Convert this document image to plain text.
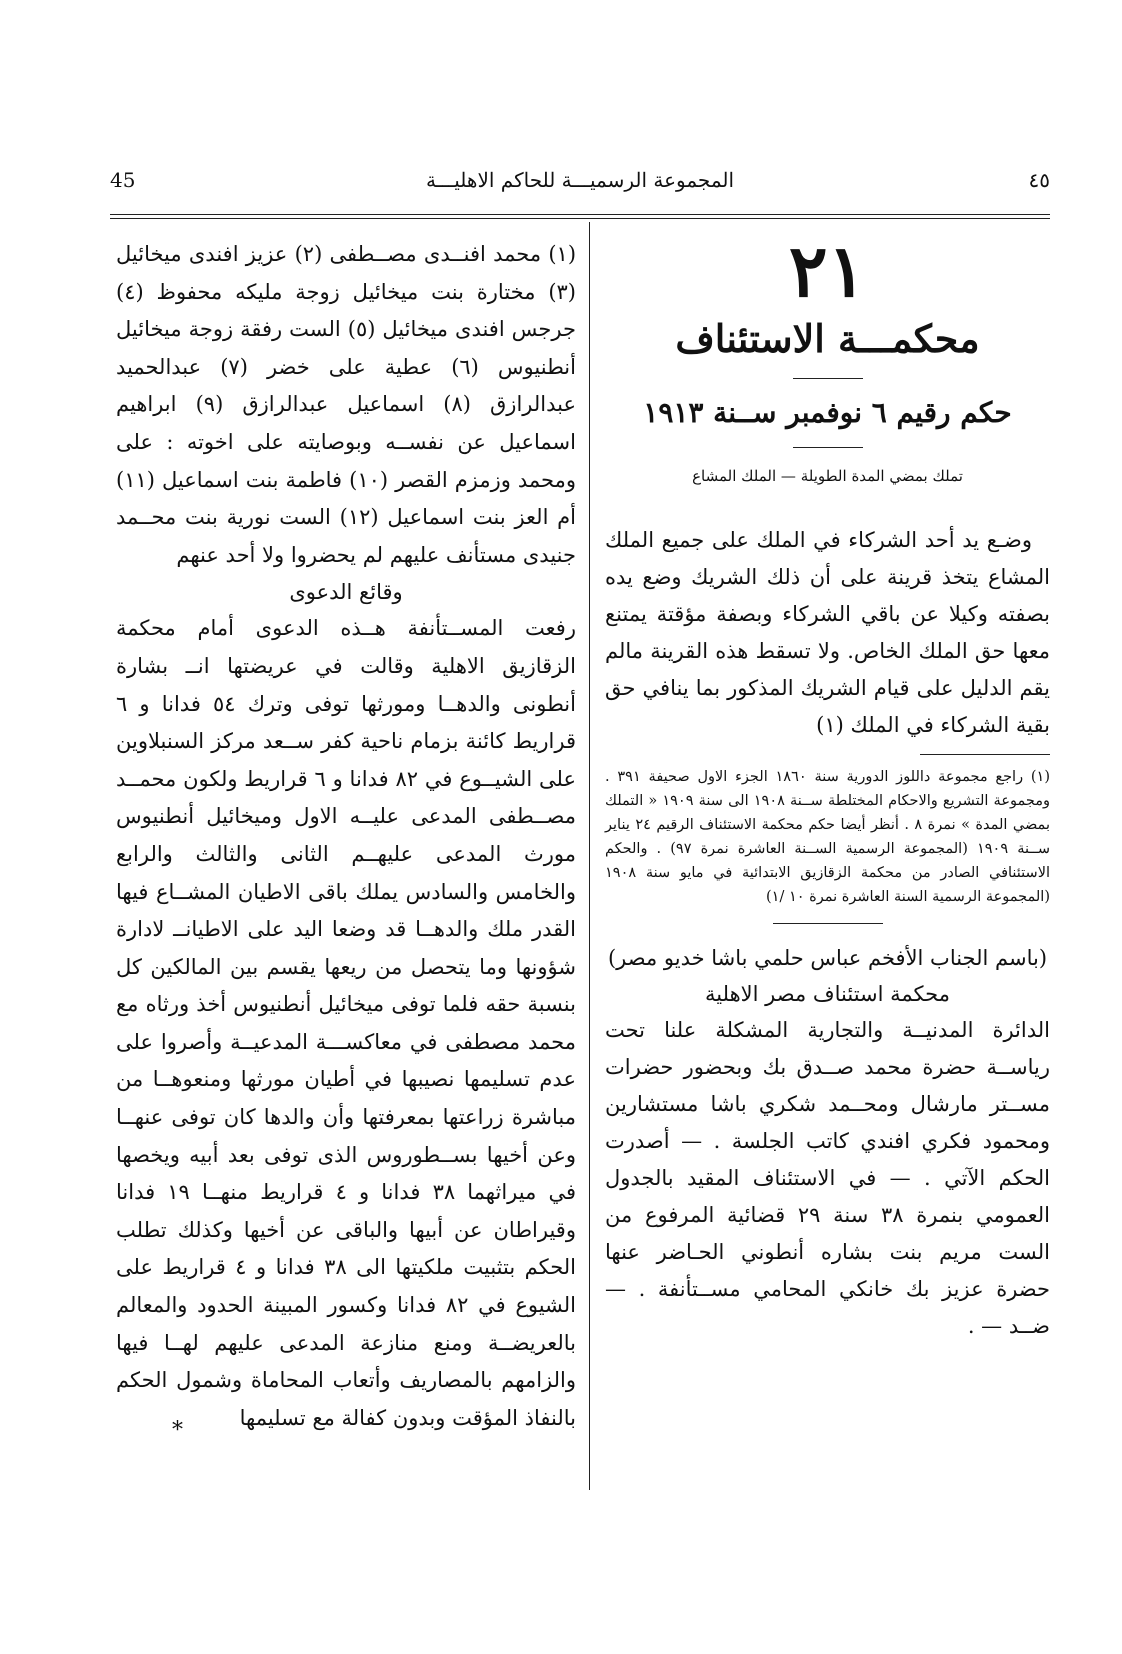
45	المجموعة الرسميـــة للحاكم الاهليـــة	٤٥

٢١

محكمـــة الاستئناف

حكم رقيم ٦ نوفمبر ســنة ١٩١٣

تملك بمضي المدة الطويلة — الملك المشاع

وضـع يد أحد الشركاء في الملك على جميع الملك المشاع يتخذ قرينة على أن ذلك الشريك وضع يده بصفته وكيلا عن باقي الشركاء وبصفة مؤقتة يمتنع معها حق الملك الخاص. ولا تسقط هذه القرينة مالم يقم الدليل على قيام الشريك المذكور بما ينافي حق بقية الشركاء في الملك (١)

(١) راجع مجموعة داللوز الدورية سنة ١٨٦٠ الجزء الاول صحيفة ٣٩١ . ومجموعة التشريع والاحكام المختلطة ســنة ١٩٠٨ الى سنة ١٩٠٩ « التملك بمضي المدة » نمرة ٨ . أنظر أيضا حكم محكمة الاستئناف الرقيم ٢٤ يناير ســنة ١٩٠٩ (المجموعة الرسمية الســنة العاشرة نمرة ٩٧) . والحكم الاستئنافي الصادر من محكمة الزقازيق الابتدائية في مايو سنة ١٩٠٨ (المجموعة الرسمية السنة العاشرة نمرة ١٠ /١)

(باسم الجناب الأفخم عباس حلمي باشا خديو مصر)

محكمة استئناف مصر الاهلية

الدائرة المدنيــة والتجارية المشكلة علنا تحت رياســة حضرة محمد صــدق بك وبحضور حضرات مســتر مارشال ومحــمد شكري باشا مستشارين ومحمود فكري افندي كاتب الجلسة . — أصدرت الحكم الآتي . — في الاستئناف المقيد بالجدول العمومي بنمرة ٣٨ سنة ٢٩ قضائية المرفوع من الست مريم بنت بشاره أنطوني الحـاضر عنها حضرة عزيز بك خانكي المحامي مســتأنفة . — ضــد — .

(١) محمد افنــدى مصــطفى (٢) عزيز افندى ميخائيل (٣) مختارة بنت ميخائيل زوجة مليكه محفوظ (٤) جرجس افندى ميخائيل (٥) الست رفقة زوجة ميخائيل أنطنيوس (٦) عطية على خضر (٧) عبدالحميد عبدالرازق (٨) اسماعيل عبدالرازق (٩) ابراهيم اسماعيل عن نفســه وبوصايته على اخوته : على ومحمد وزمزم القصر (١٠) فاطمة بنت اسماعيل (١١) أم العز بنت اسماعيل (١٢) الست نورية بنت محــمد جنيدى مستأنف عليهم لم يحضروا ولا أحد عنهم

وقائع الدعوى

رفعت المســتأنفة هــذه الدعوى أمام محكمة الزقازيق الاهلية وقالت في عريضتها انــ بشارة أنطونى والدهــا ومورثها توفى وترك ٥٤ فدانا و ٦ قراريط كائنة بزمام ناحية كفر ســعد مركز السنبلاوين على الشيــوع في ٨٢ فدانا و ٦ قراريط ولكون محمــد مصــطفى المدعى عليــه الاول وميخائيل أنطنيوس مورث المدعى عليهــم الثانى والثالث والرابع والخامس والسادس يملك باقى الاطيان المشــاع فيها القدر ملك والدهــا قد وضعا اليد على الاطيانــ لادارة شؤونها وما يتحصل من ريعها يقسم بين المالكين كل بنسبة حقه فلما توفى ميخائيل أنطنيوس أخذ ورثاه مع محمد مصطفى في معاكســـة المدعيــة وأصروا على عدم تسليمها نصيبها في أطيان مورثها ومنعوهــا من مباشرة زراعتها بمعرفتها وأن والدها كان توفى عنهــا وعن أخيها بســطوروس الذى توفى بعد أبيه ويخصها في ميراثهما ٣٨ فدانا و ٤ قراريط منهــا ١٩ فدانا وقيراطان عن أبيها والباقى عن أخيها وكذلك تطلب الحكم بتثبيت ملكيتها الى ٣٨ فدانا و ٤ قراريط على الشيوع في ٨٢ فدانا وكسور المبينة الحدود والمعالم بالعريضــة ومنع منازعة المدعى عليهم لهــا فيها والزامهم بالمصاريف وأتعاب المحاماة وشمول الحكم بالنفاذ المؤقت وبدون كفالة مع تسليمها

*
